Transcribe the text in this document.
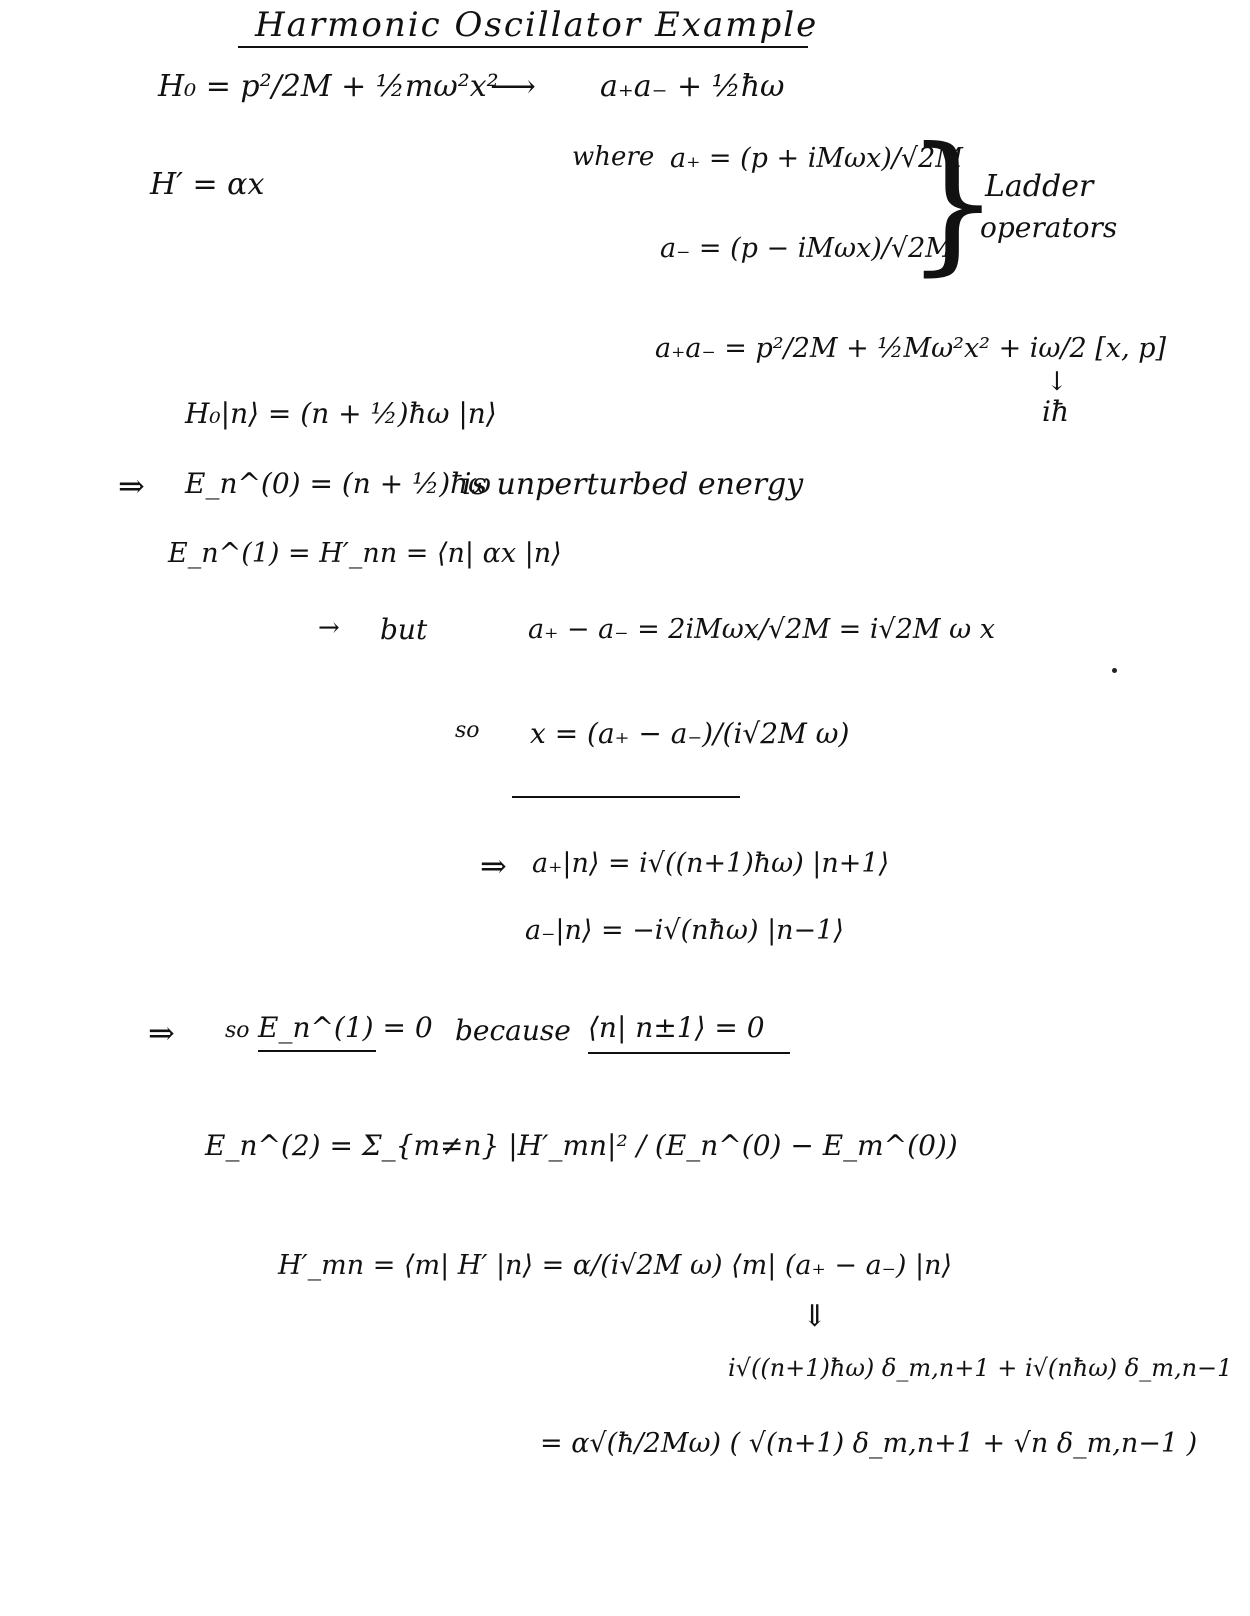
Harmonic Oscillator Example
H₀ = p²/2M + ½mω²x²
⟶ a₊a₋ + ½ħω
where a₊ = (p + iMωx)/√2M
H′ = αx
a₋ = (p − iMωx)/√2M
}
Ladder
operators
a₊a₋ = p²/2M + ½Mω²x² + iω/2 [x, p]
↓
iħ
H₀|n⟩ = (n + ½)ħω |n⟩
⇒ E_n^(0) = (n + ½)ħω
is unperturbed energy
E_n^(1) = H′_nn = ⟨n| αx |n⟩
→ but	a₊ − a₋ = 2iMωx/√2M = i√2M ω x
so x = (a₊ − a₋)/(i√2M ω)
⇒ a₊|n⟩ = i√((n+1)ħω) |n+1⟩
a₋|n⟩ = −i√(nħω) |n−1⟩
⇒ so E_n^(1) = 0 because ⟨n| n±1⟩ = 0
E_n^(2) = Σ_{m≠n} |H′_mn|² / (E_n^(0) − E_m^(0))
H′_mn = ⟨m| H′ |n⟩ = α/(i√2M ω) ⟨m| (a₊ − a₋) |n⟩
⇓
i√((n+1)ħω) δ_m,n+1 + i√(nħω) δ_m,n−1
= α√(ħ/2Mω) ( √(n+1) δ_m,n+1 + √n δ_m,n−1 )
